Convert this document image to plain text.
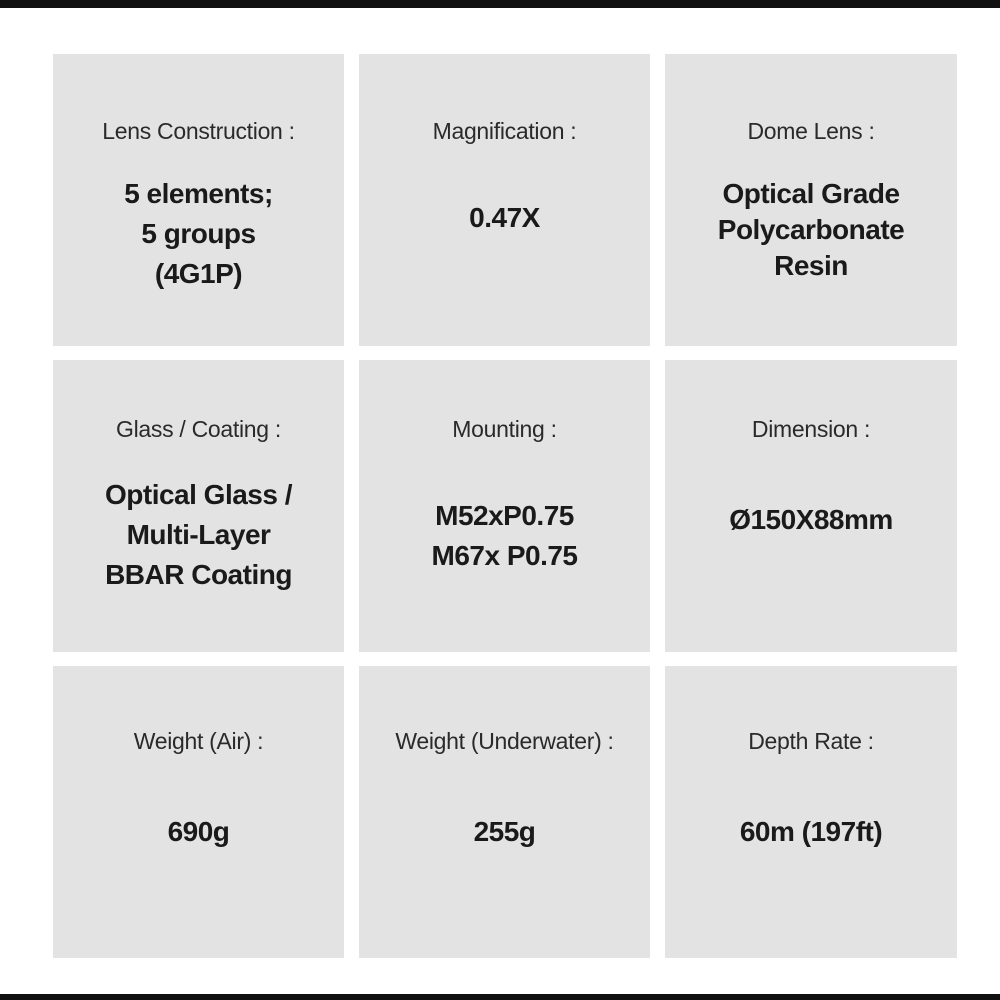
Lens Construction :
5 elements;
5 groups
(4G1P)
Magnification :
0.47X
Dome Lens :
Optical Grade
Polycarbonate
Resin
Glass / Coating :
Optical Glass /
Multi-Layer
BBAR Coating
Mounting :
M52xP0.75
M67x P0.75
Dimension :
Ø150X88mm
Weight (Air) :
690g
Weight (Underwater) :
255g
Depth Rate :
60m (197ft)
